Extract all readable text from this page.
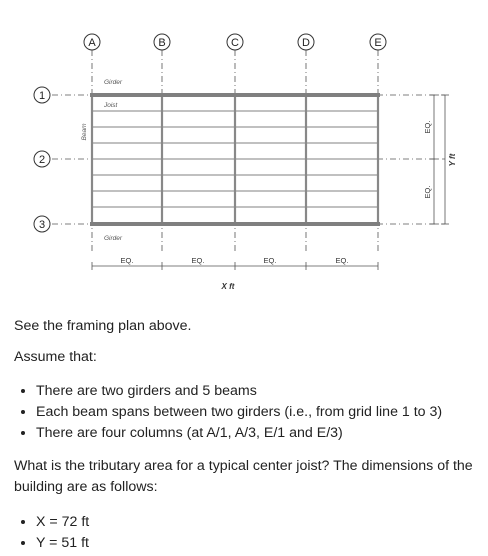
A	B	C	D	E
1
2
3
Girder
Joist
Beam
Girder
EQ.	EQ.	EQ.	EQ.
X ft
EQ.
EQ.
Y ft

See the framing plan above.

Assume that:

• There are two girders and 5 beams
• Each beam spans between two girders (i.e., from grid line 1 to 3)
• There are four columns (at A/1, A/3, E/1 and E/3)

What is the tributary area for a typical center joist? The dimensions of the building are as follows:

• X = 72 ft
• Y = 51 ft
